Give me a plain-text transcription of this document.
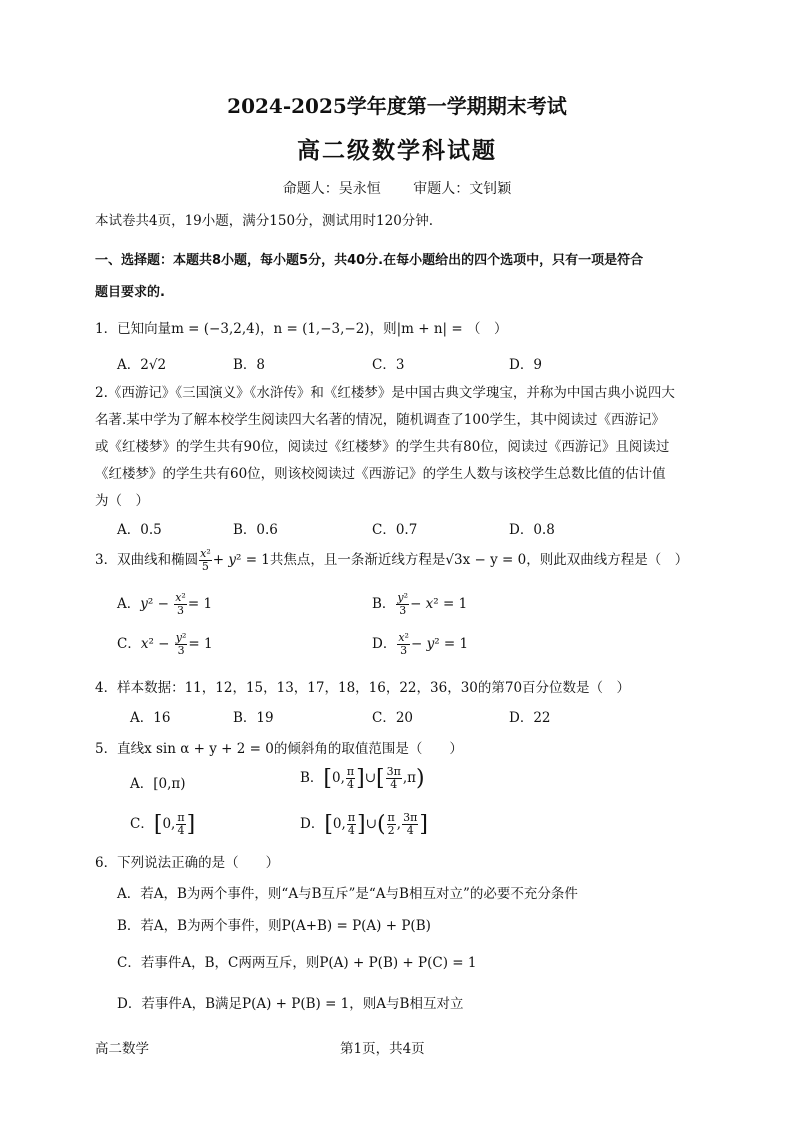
2024-2025学年度第一学期期末考试
高二级数学科试题
命题人：吴永恒 审题人：文钊颖
本试卷共4页，19小题，满分150分，测试用时120分钟.
一、选择题：本题共8小题，每小题5分，共40分.在每小题给出的四个选项中，只有一项是符合
题目要求的.
1．已知向量m = (−3,2,4)，n = (1,−3,−2)，则|m + n| = （　）
A．2√2	B．8	C．3	D．9
2.《西游记》《三国演义》《水浒传》和《红楼梦》是中国古典文学瑰宝，并称为中国古典小说四大
名著.某中学为了解本校学生阅读四大名著的情况，随机调查了100学生，其中阅读过《西游记》
或《红楼梦》的学生共有90位，阅读过《红楼梦》的学生共有80位，阅读过《西游记》且阅读过
《红楼梦》的学生共有60位，则该校阅读过《西游记》的学生人数与该校学生总数比值的估计值
为（　）
A．0.5	B．0.6	C．0.7	D．0.8
3．双曲线和椭圆 $\frac{\text{x²}}{5} + y^2 = 1$共焦点，且一条渐近线方程是√3x − y = 0，则此双曲线方程是（　）
A．$y^2 - \frac{\text{x²}}{3} = 1$	B． $\frac{\text{y²}}{3} - x^2 = 1$
C．$x^2 - \frac{\text{y²}}{3} = 1$	D． $\frac{\text{x²}}{3} - y^2 = 1$
4．样本数据：11，12，15，13，17，18，16，22，36，30的第70百分位数是（　）
A．16	B．19	C．20	D．22
5．直线x sin α + y + 2 = 0的倾斜角的取值范围是（　　）
A．[0,π)	B．[0, $\frac{\pi}{4}$ ]∪[ $\frac{3\pi}{4} ,\pi$)
C．[0, $\frac{\pi}{4}$ ]	D．[0, $\frac{\pi}{4}$ ]∪( $\frac{\pi}{2}$ , $\frac{3\pi}{4}$ ]
6．下列说法正确的是（　　）
A．若A，B为两个事件，则“A与B互斥”是“A与B相互对立”的必要不充分条件
B．若A，B为两个事件，则P(A+B) = P(A) + P(B)
C．若事件A，B，C两两互斥，则P(A) + P(B) + P(C) = 1
D．若事件A，B满足P(A) + P(B) = 1，则A与B相互对立
高二数学	第1页，共4页
